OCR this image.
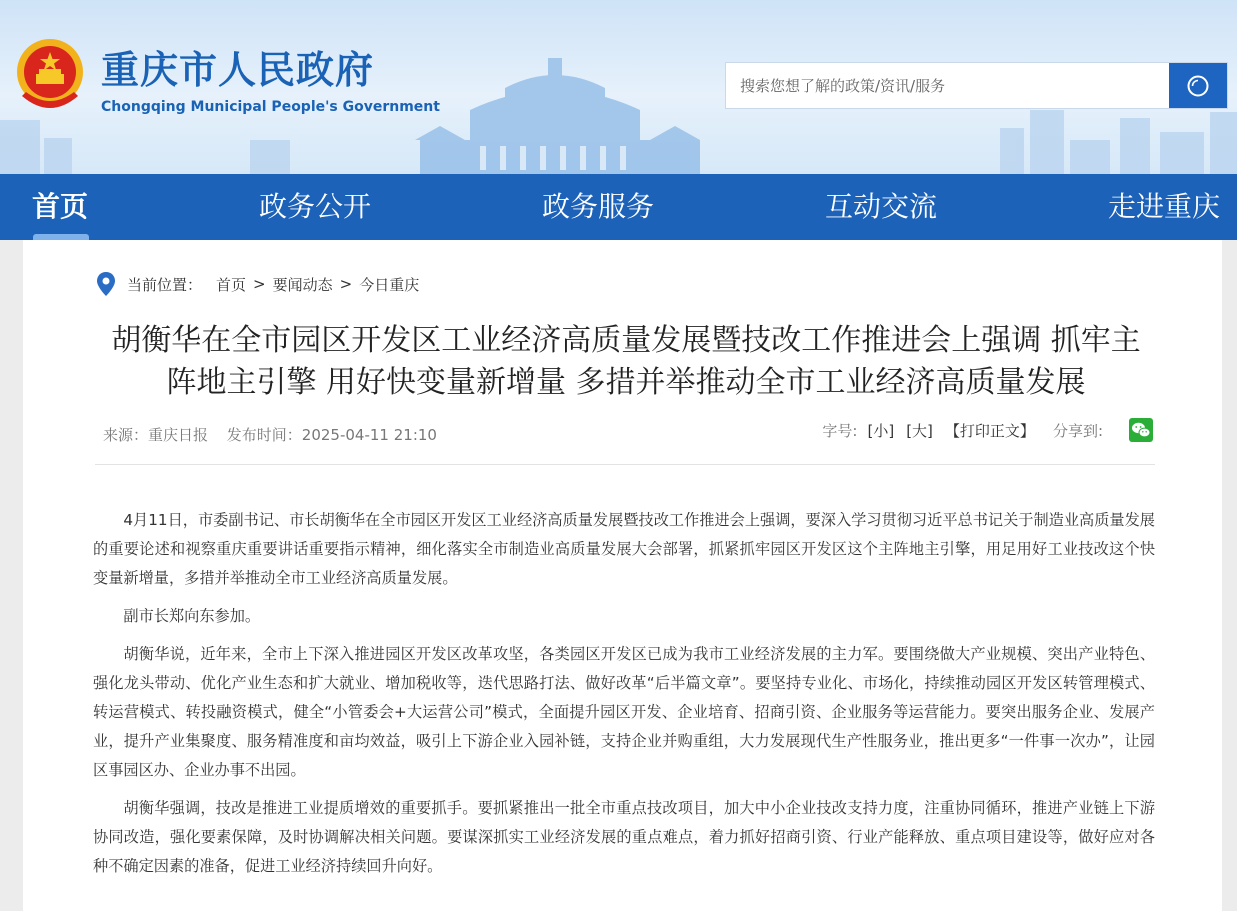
重庆市人民政府
Chongqing Municipal People's Government
搜索您想了解的政策/资讯/服务
首页	政务公开	政务服务	互动交流	走进重庆
当前位置： 首页 > 要闻动态 > 今日重庆
胡衡华在全市园区开发区工业经济高质量发展暨技改工作推进会上强调 抓牢主
阵地主引擎 用好快变量新增量 多措并举推动全市工业经济高质量发展
来源：重庆日报 发布时间：2025-04-11 21:10	字号: [小] [大] 【打印正文】 分享到:

4月11日，市委副书记、市长胡衡华在全市园区开发区工业经济高质量发展暨技改工作推进会上强调，要深入学习贯彻习近平总书记关于制造业高质量发展的重要论述和视察重庆重要讲话重要指示精神，细化落实全市制造业高质量发展大会部署，抓紧抓牢园区开发区这个主阵地主引擎，用足用好工业技改这个快变量新增量，多措并举推动全市工业经济高质量发展。

副市长郑向东参加。

胡衡华说，近年来，全市上下深入推进园区开发区改革攻坚，各类园区开发区已成为我市工业经济发展的主力军。要围绕做大产业规模、突出产业特色、强化龙头带动、优化产业生态和扩大就业、增加税收等，迭代思路打法、做好改革“后半篇文章”。要坚持专业化、市场化，持续推动园区开发区转管理模式、转运营模式、转投融资模式，健全“小管委会+大运营公司”模式，全面提升园区开发、企业培育、招商引资、企业服务等运营能力。要突出服务企业、发展产业，提升产业集聚度、服务精准度和亩均效益，吸引上下游企业入园补链，支持企业并购重组，大力发展现代生产性服务业，推出更多“一件事一次办”，让园区事园区办、企业办事不出园。

胡衡华强调，技改是推进工业提质增效的重要抓手。要抓紧推出一批全市重点技改项目，加大中小企业技改支持力度，注重协同循环，推进产业链上下游协同改造，强化要素保障，及时协调解决相关问题。要谋深抓实工业经济发展的重点难点，着力抓好招商引资、行业产能释放、重点项目建设等，做好应对各种不确定因素的准备，促进工业经济持续回升向好。
